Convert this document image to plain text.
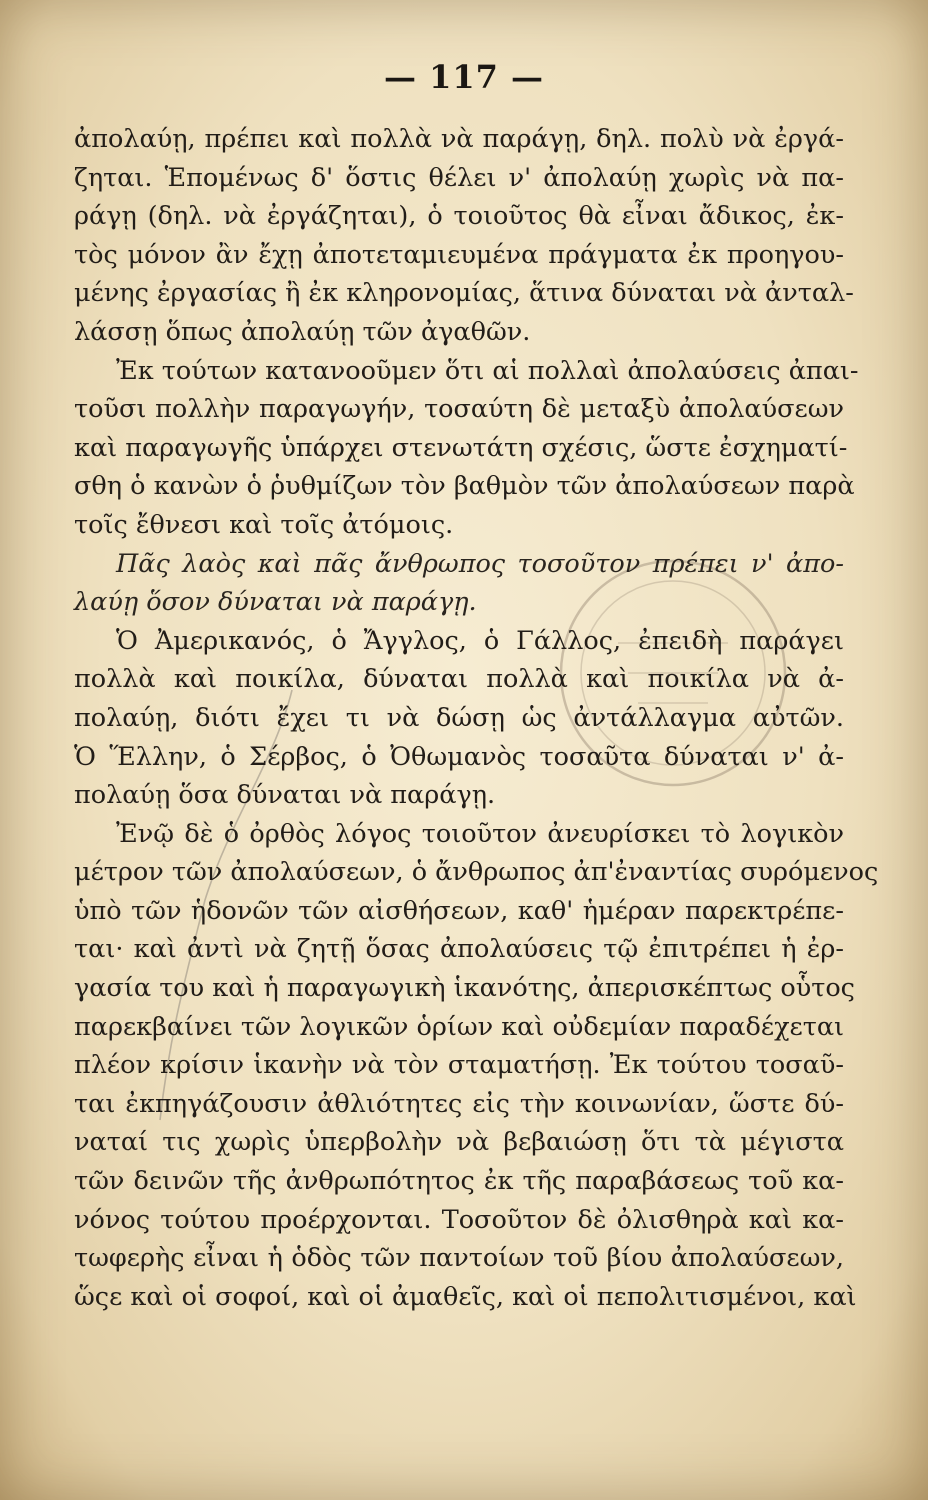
— 117 —
ἀπολαύῃ, πρέπει καὶ πολλὰ νὰ παράγῃ, δηλ. πολὺ νὰ ἐργά-
ζηται. Ἑπομένως δ' ὅστις θέλει ν' ἀπολαύῃ χωρὶς νὰ πα-
ράγῃ (δηλ. νὰ ἐργάζηται), ὁ τοιοῦτος θὰ εἶναι ἄδικος, ἐκ-
τὸς μόνον ἂν ἔχῃ ἀποτεταμιευμένα πράγματα ἐκ προηγου-
μένης ἐργασίας ἢ ἐκ κληρονομίας, ἅτινα δύναται νὰ ἀνταλ-
λάσσῃ ὅπως ἀπολαύῃ τῶν ἀγαθῶν.
Ἐκ τούτων κατανοοῦμεν ὅτι αἱ πολλαὶ ἀπολαύσεις ἀπαι-
τοῦσι πολλὴν παραγωγήν, τοσαύτη δὲ μεταξὺ ἀπολαύσεων
καὶ παραγωγῆς ὑπάρχει στενωτάτη σχέσις, ὥστε ἐσχηματί-
σθη ὁ κανὼν ὁ ῥυθμίζων τὸν βαθμὸν τῶν ἀπολαύσεων παρὰ
τοῖς ἔθνεσι καὶ τοῖς ἀτόμοις.
Πᾶς λαὸς καὶ πᾶς ἄνθρωπος τοσοῦτον πρέπει ν' ἀπο-
λαύῃ ὅσον δύναται νὰ παράγῃ.
Ὁ Ἀμερικανός, ὁ Ἄγγλος, ὁ Γάλλος, ἐπειδὴ παράγει
πολλὰ καὶ ποικίλα, δύναται πολλὰ καὶ ποικίλα νὰ ἀ-
πολαύῃ, διότι ἔχει τι νὰ δώσῃ ὡς ἀντάλλαγμα αὐτῶν.
Ὁ Ἕλλην, ὁ Σέρβος, ὁ Ὀθωμανὸς τοσαῦτα δύναται ν' ἀ-
πολαύῃ ὅσα δύναται νὰ παράγῃ.
Ἐνῷ δὲ ὁ ὀρθὸς λόγος τοιοῦτον ἀνευρίσκει τὸ λογικὸν
μέτρον τῶν ἀπολαύσεων, ὁ ἄνθρωπος ἀπ'ἐναντίας συρόμενος
ὑπὸ τῶν ἡδονῶν τῶν αἰσθήσεων, καθ' ἡμέραν παρεκτρέπε-
ται· καὶ ἀντὶ νὰ ζητῇ ὅσας ἀπολαύσεις τῷ ἐπιτρέπει ἡ ἐρ-
γασία του καὶ ἡ παραγωγικὴ ἱκανότης, ἀπερισκέπτως οὗτος
παρεκβαίνει τῶν λογικῶν ὁρίων καὶ οὐδεμίαν παραδέχεται
πλέον κρίσιν ἱκανὴν νὰ τὸν σταματήσῃ. Ἐκ τούτου τοσαῦ-
ται ἐκπηγάζουσιν ἀθλιότητες εἰς τὴν κοινωνίαν, ὥστε δύ-
ναταί τις χωρὶς ὑπερβολὴν νὰ βεβαιώσῃ ὅτι τὰ μέγιστα
τῶν δεινῶν τῆς ἀνθρωπότητος ἐκ τῆς παραβάσεως τοῦ κα-
νόνος τούτου προέρχονται. Τοσοῦτον δὲ ὀλισθηρὰ καὶ κα-
τωφερὴς εἶναι ἡ ὁδὸς τῶν παντοίων τοῦ βίου ἀπολαύσεων,
ὥςε καὶ οἱ σοφοί, καὶ οἱ ἀμαθεῖς, καὶ οἱ πεπολιτισμένοι, καὶ
